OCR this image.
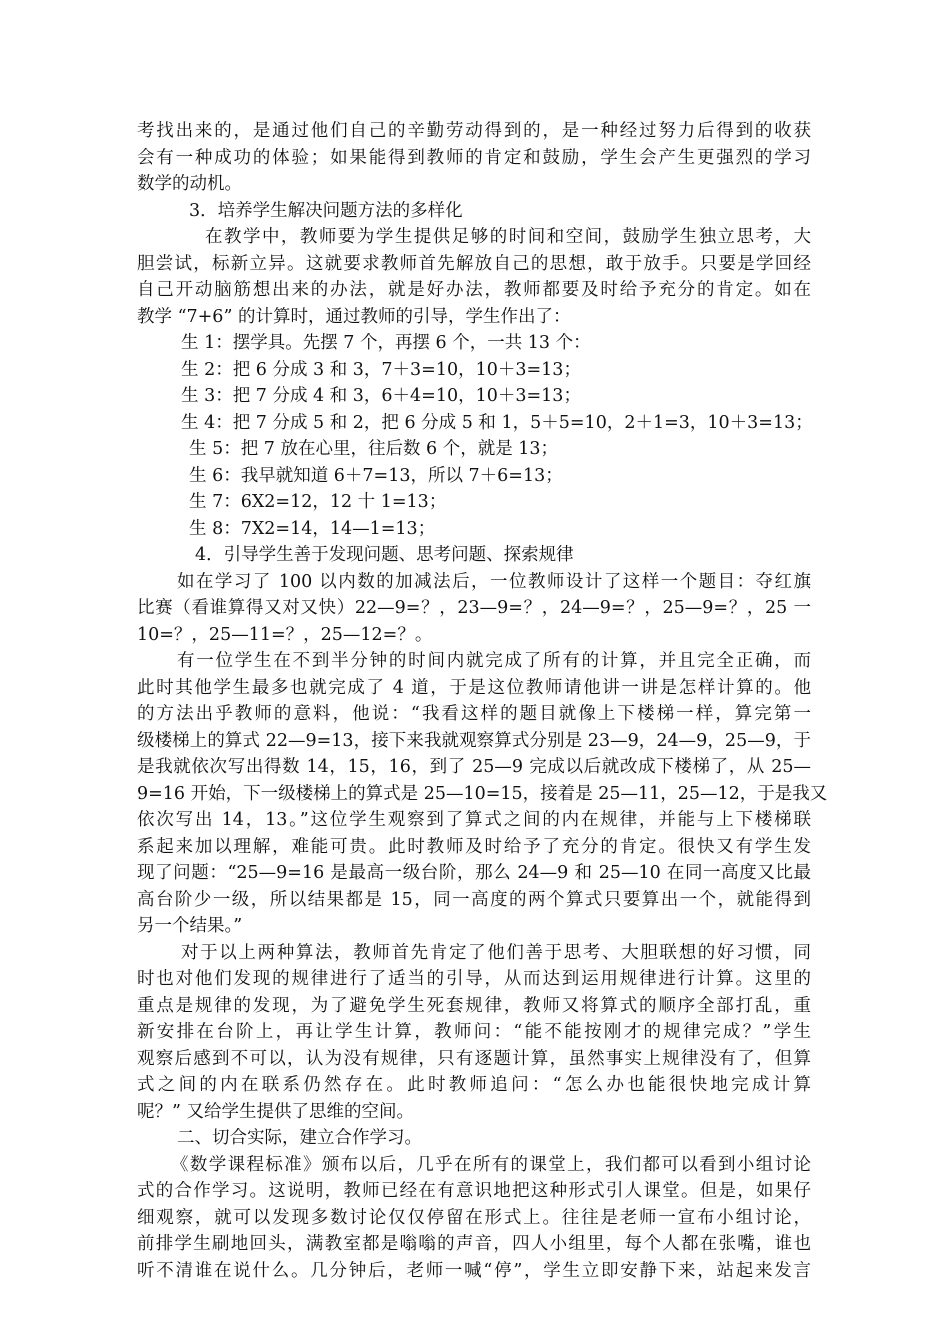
考找出来的，是通过他们自己的辛勤劳动得到的，是一种经过努力后得到的收获
会有一种成功的体验；如果能得到教师的肯定和鼓励，学生会产生更强烈的学习
数学的动机。
3．培养学生解决问题方法的多样化
在教学中，教师要为学生提供足够的时间和空间，鼓励学生独立思考，大
胆尝试，标新立异。这就要求教师首先解放自己的思想，敢于放手。只要是学回经
自己开动脑筋想出来的办法，就是好办法，教师都要及时给予充分的肯定。如在
教学 “7+6” 的计算时，通过教师的引导，学生作出了：
生 1：摆学具。先摆 7 个，再摆 6 个，一共 13 个：
生 2：把 6 分成 3 和 3，7＋3=10，10＋3=13；
生 3：把 7 分成 4 和 3，6＋4=10，10＋3=13；
生 4：把 7 分成 5 和 2，把 6 分成 5 和 1，5＋5=10，2＋1=3，10＋3=13；
生 5：把 7 放在心里，往后数 6 个，就是 13；
生 6：我早就知道 6＋7=13，所以 7＋6=13；
生 7：6X2=12，12 十 1=13；
生 8：7X2=14，14—1=13；
4．引导学生善于发现问题、思考问题、探索规律
如在学习了 100 以内数的加减法后，一位教师设计了这样一个题目：夺红旗
比赛（看谁算得又对又快）22—9=？，23—9=？，24—9=？，25—9=？，25 一
10=？，25—11=？，25—12=？。
有一位学生在不到半分钟的时间内就完成了所有的计算，并且完全正确，而
此时其他学生最多也就完成了 4 道，于是这位教师请他讲一讲是怎样计算的。他
的方法出乎教师的意料，他说：“我看这样的题目就像上下楼梯一样，算完第一
级楼梯上的算式 22—9=13，接下来我就观察算式分别是 23—9，24—9，25—9，于
是我就依次写出得数 14，15，16，到了 25—9 完成以后就改成下楼梯了，从 25—
9=16 开始，下一级楼梯上的算式是 25—10=15，接着是 25—11，25—12，于是我又
依次写出 14，13。”这位学生观察到了算式之间的内在规律，并能与上下楼梯联
系起来加以理解，难能可贵。此时教师及时给予了充分的肯定。很快又有学生发
现了问题：“25—9=16 是最高一级台阶，那么 24—9 和 25—10 在同一高度又比最
高台阶少一级，所以结果都是 15，同一高度的两个算式只要算出一个，就能得到
另一个结果。”
对于以上两种算法，教师首先肯定了他们善于思考、大胆联想的好习惯，同
时也对他们发现的规律进行了适当的引导，从而达到运用规律进行计算。这里的
重点是规律的发现，为了避免学生死套规律，教师又将算式的顺序全部打乱，重
新安排在台阶上，再让学生计算，教师问：“能不能按刚才的规律完成？”学生
观察后感到不可以，认为没有规律，只有逐题计算，虽然事实上规律没有了，但算
式之间的内在联系仍然存在。此时教师追问：“怎么办也能很快地完成计算
呢？” 又给学生提供了思维的空间。
二、切合实际，建立合作学习。
《数学课程标准》颁布以后，几乎在所有的课堂上，我们都可以看到小组讨论
式的合作学习。这说明，教师已经在有意识地把这种形式引人课堂。但是，如果仔
细观察，就可以发现多数讨论仅仅停留在形式上。往往是老师一宣布小组讨论，
前排学生刷地回头，满教室都是嗡嗡的声音，四人小组里，每个人都在张嘴，谁也
听不清谁在说什么。几分钟后，老师一喊“停”，学生立即安静下来，站起来发言
